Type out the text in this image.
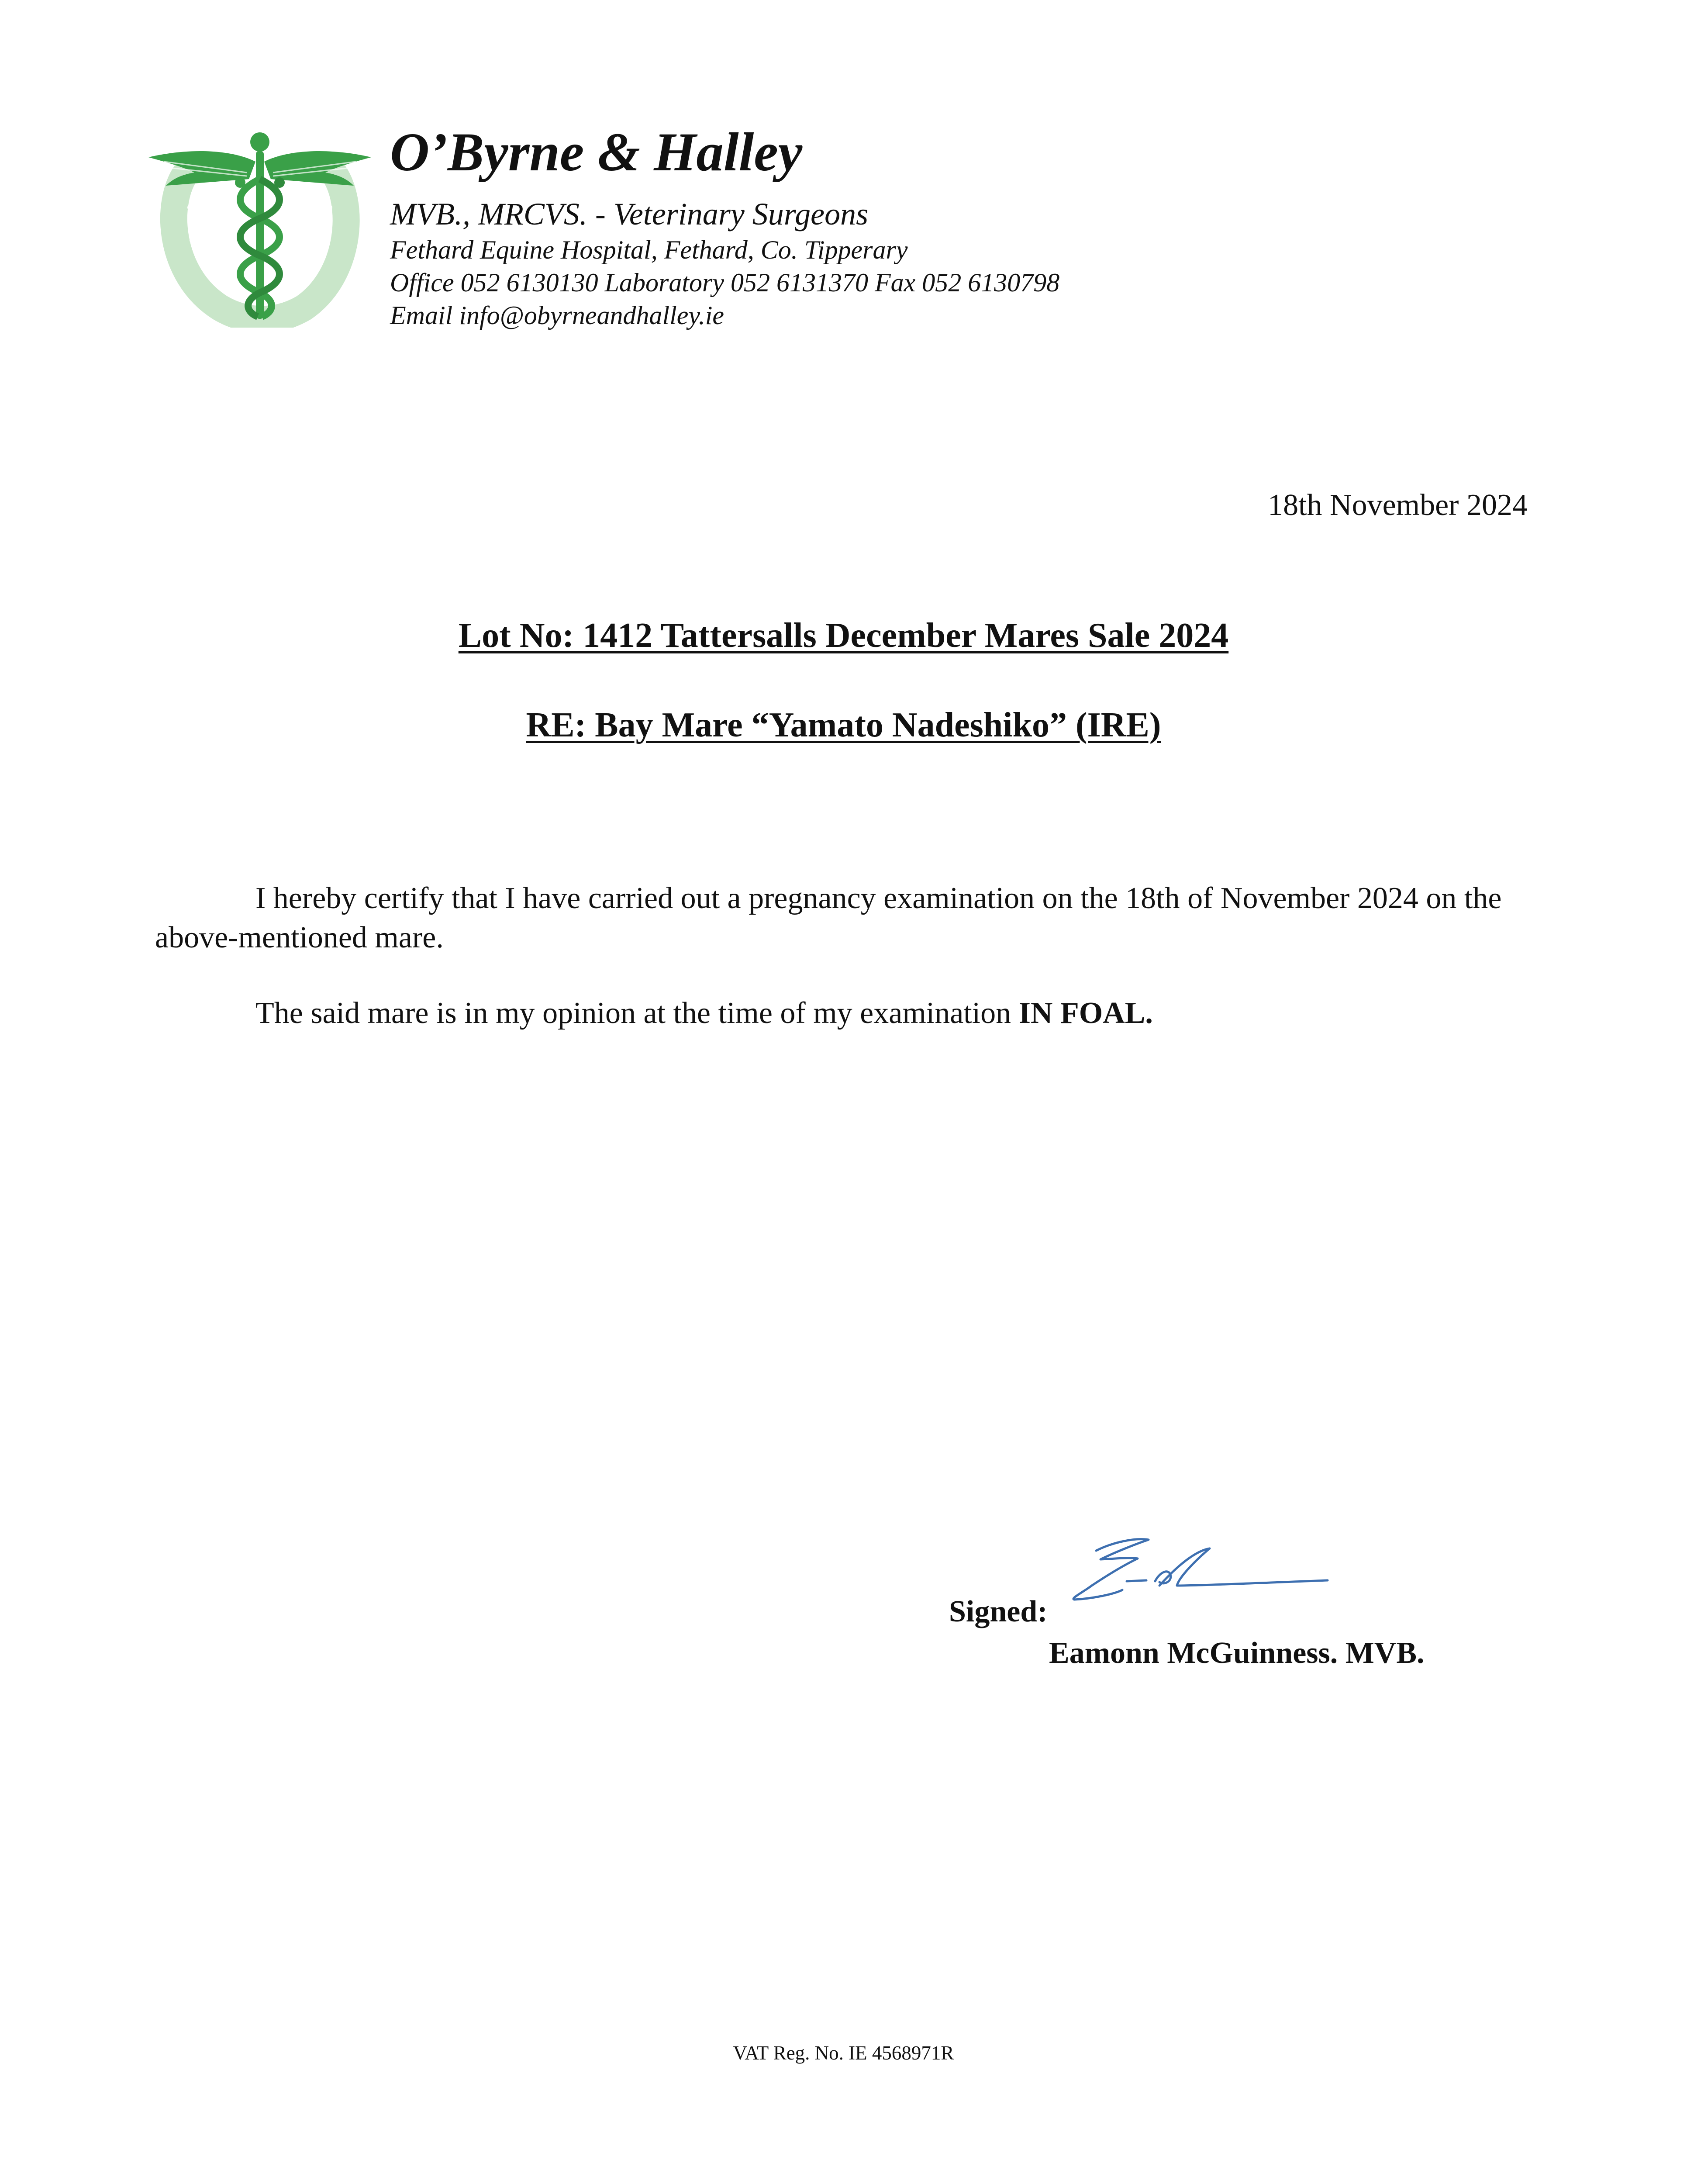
O’Byrne & Halley
MVB., MRCVS. - Veterinary Surgeons
Fethard Equine Hospital, Fethard, Co. Tipperary
Office 052 6130130 Laboratory 052 6131370 Fax 052 6130798
Email info@obyrneandhalley.ie
18th November 2024
Lot No: 1412 Tattersalls December Mares Sale 2024
RE: Bay Mare “Yamato Nadeshiko” (IRE)
I hereby certify that I have carried out a pregnancy examination on the 18th of November 2024 on the above-mentioned mare.
The said mare is in my opinion at the time of my examination IN FOAL.
Signed:
Eamonn McGuinness. MVB.
VAT Reg. No. IE 4568971R
